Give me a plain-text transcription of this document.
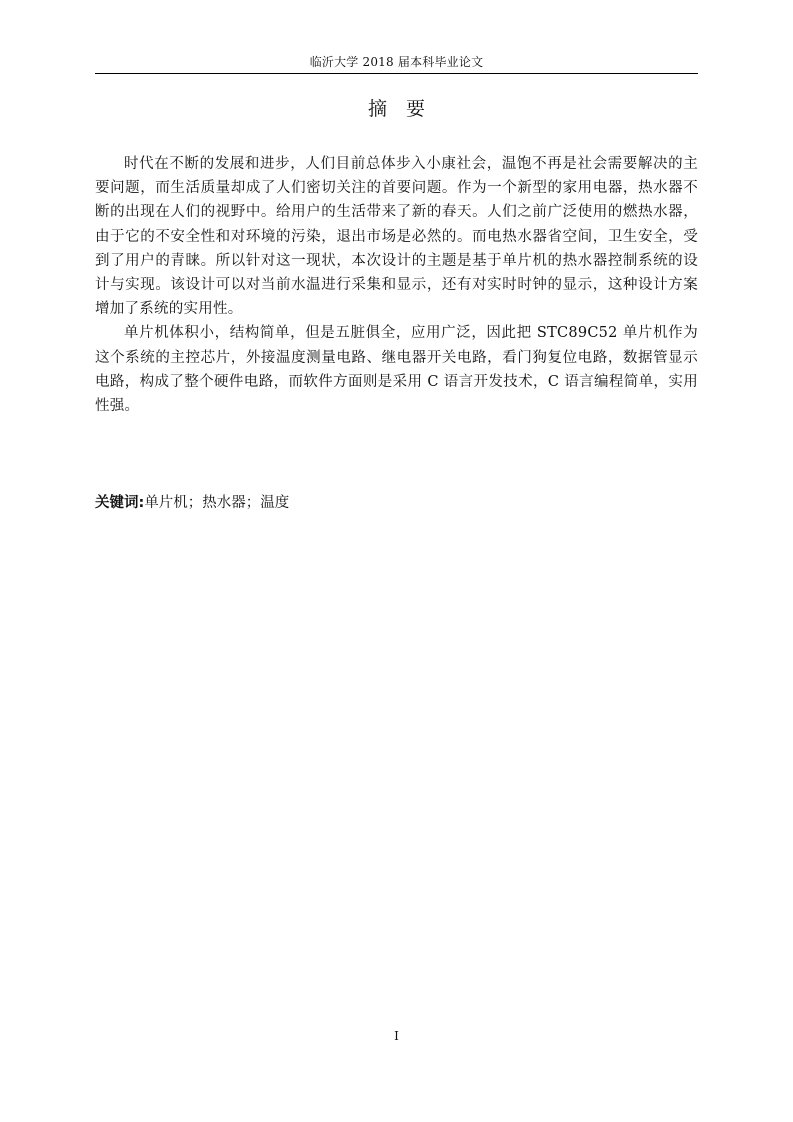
临沂大学 2018 届本科毕业论文
摘　要

时代在不断的发展和进步，人们目前总体步入小康社会，温饱不再是社会需要解决的主要问题，而生活质量却成了人们密切关注的首要问题。作为一个新型的家用电器，热水器不断的出现在人们的视野中。给用户的生活带来了新的春天。人们之前广泛使用的燃热水器，由于它的不安全性和对环境的污染，退出市场是必然的。而电热水器省空间，卫生安全，受到了用户的青睐。所以针对这一现状，本次设计的主题是基于单片机的热水器控制系统的设计与实现。该设计可以对当前水温进行采集和显示，还有对实时时钟的显示，这种设计方案增加了系统的实用性。

单片机体积小，结构简单，但是五脏俱全，应用广泛，因此把 STC89C52 单片机作为这个系统的主控芯片，外接温度测量电路、继电器开关电路，看门狗复位电路，数据管显示电路，构成了整个硬件电路，而软件方面则是采用 C 语言开发技术，C 语言编程简单，实用性强。

关键词:单片机；热水器；温度
I
